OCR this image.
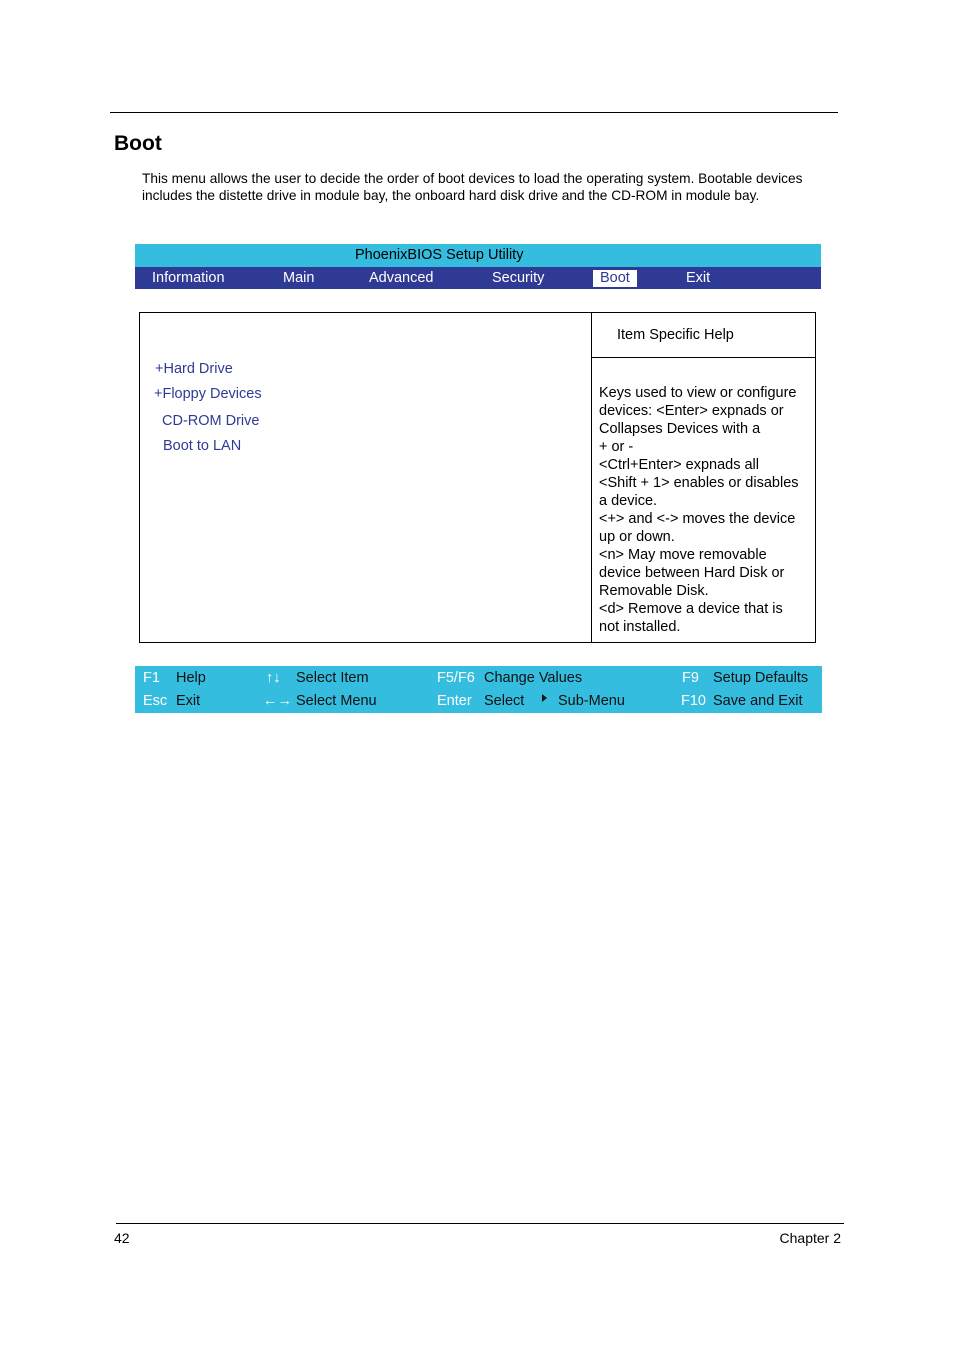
Boot
This menu allows the user to decide the order of boot devices to load the operating system. Bootable devices
includes the distette drive in module bay, the onboard hard disk drive and the CD-ROM in module bay.
PhoenixBIOS Setup Utility
Information	Main	Advanced	Security	Boot	Exit
Item Specific Help
+Hard Drive
+Floppy Devices
CD-ROM Drive
Boot to LAN
Keys used to view or configure
devices: <Enter> expnads or
Collapses Devices with a
+ or -
<Ctrl+Enter> expnads all
<Shift + 1> enables or disables
a device.
<+> and <-> moves the device
up or down.
<n> May move removable
device between Hard Disk or
Removable Disk.
<d> Remove a device that is
not installed.
F1 Help	↑↓ Select Item	F5/F6 Change Values	F9 Setup Defaults
Esc Exit	←→ Select Menu	Enter Select Sub-Menu	F10 Save and Exit
42	Chapter 2
